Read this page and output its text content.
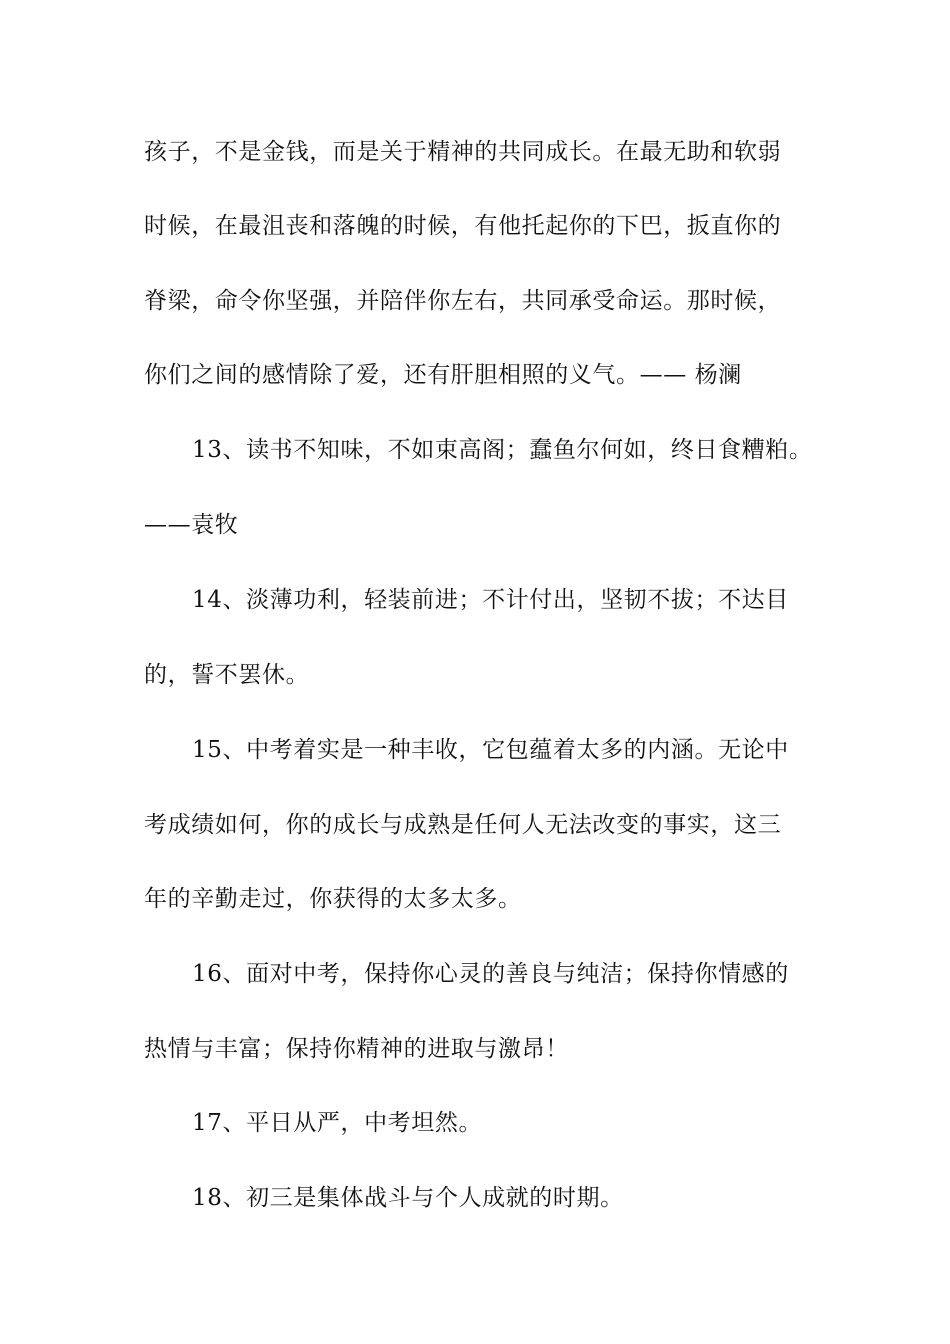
孩子，不是金钱，而是关于精神的共同成长。在最无助和软弱
时候，在最沮丧和落魄的时候，有他托起你的下巴，扳直你的
脊梁，命令你坚强，并陪伴你左右，共同承受命运。那时候，
你们之间的感情除了爱，还有肝胆相照的义气。—— 杨澜
13、读书不知味，不如束高阁；蠢鱼尔何如，终日食糟粕。
——袁牧
14、淡薄功利，轻装前进；不计付出，坚韧不拔；不达目
的，誓不罢休。
15、中考着实是一种丰收，它包蕴着太多的内涵。无论中
考成绩如何，你的成长与成熟是任何人无法改变的事实，这三
年的辛勤走过，你获得的太多太多。
16、面对中考，保持你心灵的善良与纯洁；保持你情感的
热情与丰富；保持你精神的进取与激昂！
17、平日从严，中考坦然。
18、初三是集体战斗与个人成就的时期。
